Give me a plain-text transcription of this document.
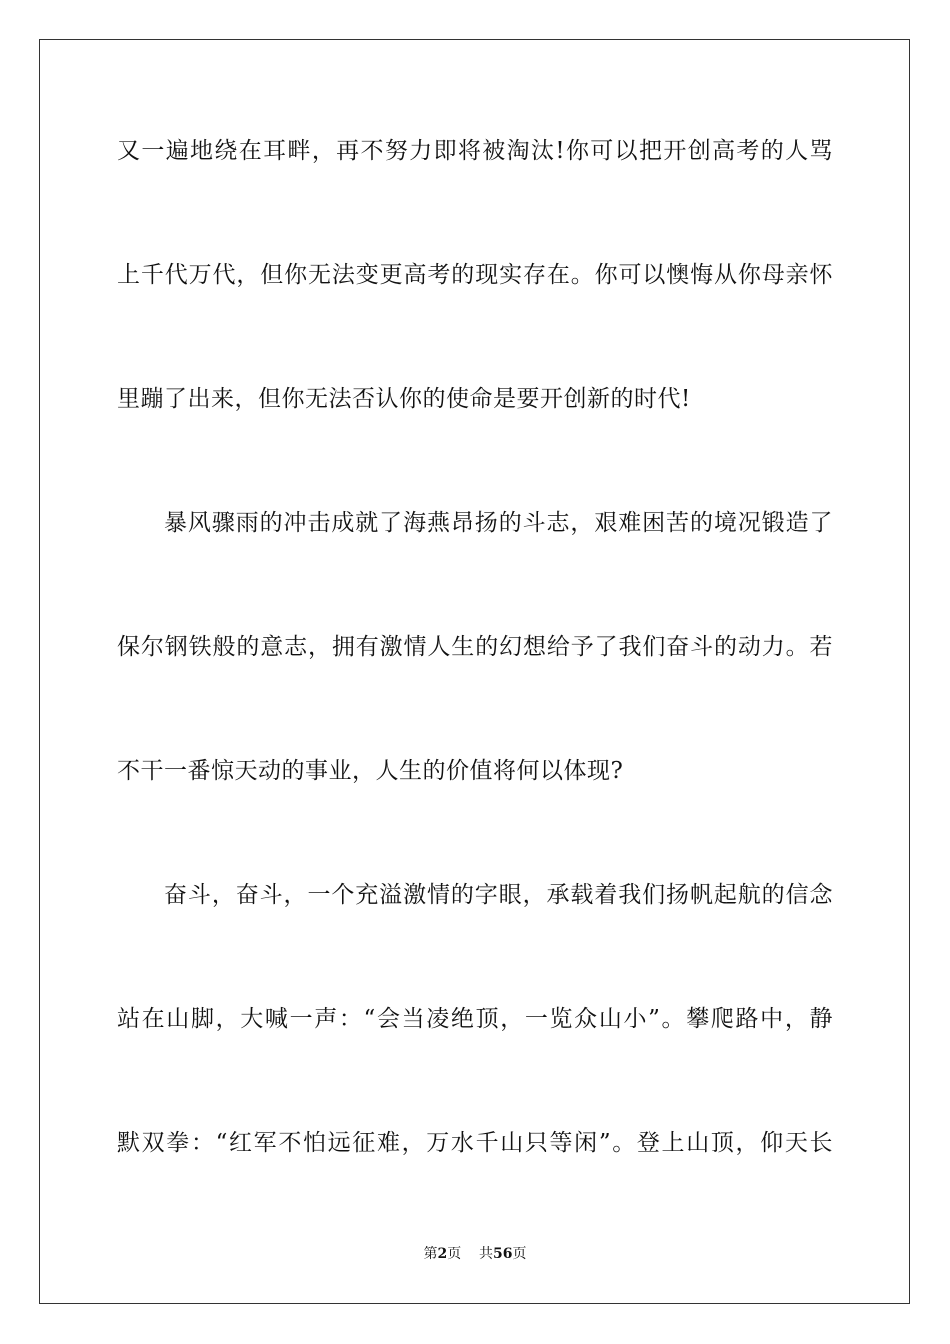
又一遍地绕在耳畔，再不努力即将被淘汰!你可以把开创高考的人骂
上千代万代，但你无法变更高考的现实存在。你可以懊悔从你母亲怀
里蹦了出来，但你无法否认你的使命是要开创新的时代!
暴风骤雨的冲击成就了海燕昂扬的斗志，艰难困苦的境况锻造了
保尔钢铁般的意志，拥有激情人生的幻想给予了我们奋斗的动力。若
不干一番惊天动的事业，人生的价值将何以体现?
奋斗，奋斗，一个充溢激情的字眼，承载着我们扬帆起航的信念
站在山脚，大喊一声：“会当凌绝顶，一览众山小”。攀爬路中，静
默双拳：“红军不怕远征难，万水千山只等闲”。登上山顶，仰天长
第2页 共56页
